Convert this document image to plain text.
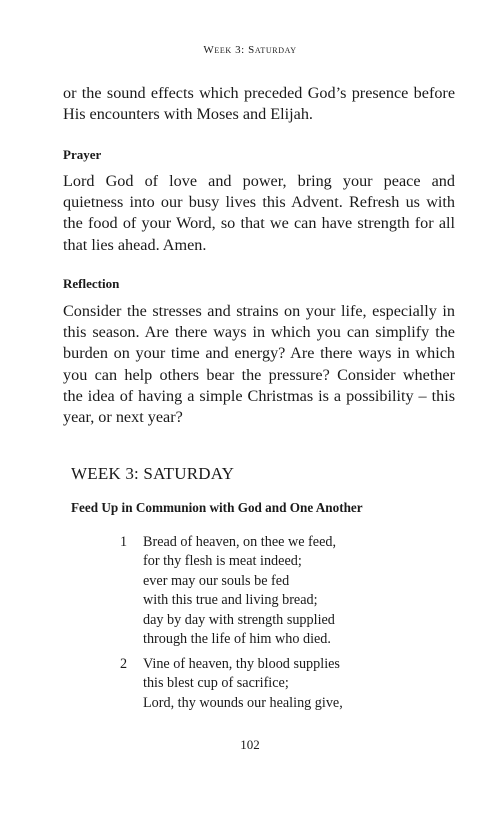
Week 3: Saturday

or the sound effects which preceded God’s presence before
His encounters with Moses and Elijah.

Prayer

Lord God of love and power, bring your peace and
quietness into our busy lives this Advent. Refresh us with
the food of your Word, so that we can have strength for all
that lies ahead. Amen.

Reflection

Consider the stresses and strains on your life, especially in
this season. Are there ways in which you can simplify the
burden on your time and energy? Are there ways in which
you can help others bear the pressure? Consider whether
the idea of having a simple Christmas is a possibility – this
year, or next year?

WEEK 3: SATURDAY
Feed Up in Communion with God and One Another
1 Bread of heaven, on thee we feed,
for thy flesh is meat indeed;
ever may our souls be fed
with this true and living bread;
day by day with strength supplied
through the life of him who died.
2 Vine of heaven, thy blood supplies
this blest cup of sacrifice;
Lord, thy wounds our healing give,
102
